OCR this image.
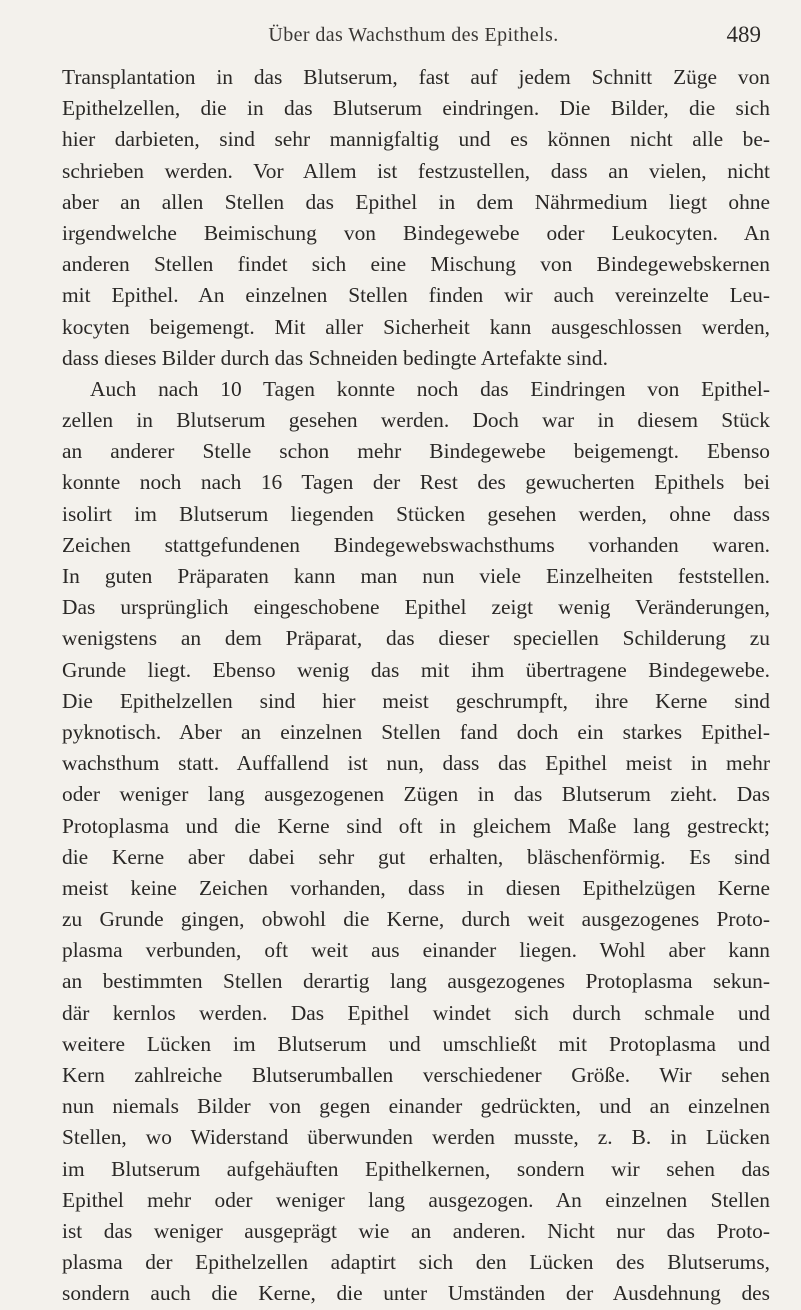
Über das Wachsthum des Epithels.	489
Transplantation in das Blutserum, fast auf jedem Schnitt Züge von
Epithelzellen, die in das Blutserum eindringen. Die Bilder, die sich
hier darbieten, sind sehr mannigfaltig und es können nicht alle be-
schrieben werden. Vor Allem ist festzustellen, dass an vielen, nicht
aber an allen Stellen das Epithel in dem Nährmedium liegt ohne
irgendwelche Beimischung von Bindegewebe oder Leukocyten. An
anderen Stellen findet sich eine Mischung von Bindegewebskernen
mit Epithel. An einzelnen Stellen finden wir auch vereinzelte Leu-
kocyten beigemengt. Mit aller Sicherheit kann ausgeschlossen werden,
dass dieses Bilder durch das Schneiden bedingte Artefakte sind.
Auch nach 10 Tagen konnte noch das Eindringen von Epithel-
zellen in Blutserum gesehen werden. Doch war in diesem Stück
an anderer Stelle schon mehr Bindegewebe beigemengt. Ebenso
konnte noch nach 16 Tagen der Rest des gewucherten Epithels bei
isolirt im Blutserum liegenden Stücken gesehen werden, ohne dass
Zeichen stattgefundenen Bindegewebswachsthums vorhanden waren.
In guten Präparaten kann man nun viele Einzelheiten feststellen.
Das ursprünglich eingeschobene Epithel zeigt wenig Veränderungen,
wenigstens an dem Präparat, das dieser speciellen Schilderung zu
Grunde liegt. Ebenso wenig das mit ihm übertragene Bindegewebe.
Die Epithelzellen sind hier meist geschrumpft, ihre Kerne sind
pyknotisch. Aber an einzelnen Stellen fand doch ein starkes Epithel-
wachsthum statt. Auffallend ist nun, dass das Epithel meist in mehr
oder weniger lang ausgezogenen Zügen in das Blutserum zieht. Das
Protoplasma und die Kerne sind oft in gleichem Maße lang gestreckt;
die Kerne aber dabei sehr gut erhalten, bläschenförmig. Es sind
meist keine Zeichen vorhanden, dass in diesen Epithelzügen Kerne
zu Grunde gingen, obwohl die Kerne, durch weit ausgezogenes Proto-
plasma verbunden, oft weit aus einander liegen. Wohl aber kann
an bestimmten Stellen derartig lang ausgezogenes Protoplasma sekun-
där kernlos werden. Das Epithel windet sich durch schmale und
weitere Lücken im Blutserum und umschließt mit Protoplasma und
Kern zahlreiche Blutserumballen verschiedener Größe. Wir sehen
nun niemals Bilder von gegen einander gedrückten, und an einzelnen
Stellen, wo Widerstand überwunden werden musste, z. B. in Lücken
im Blutserum aufgehäuften Epithelkernen, sondern wir sehen das
Epithel mehr oder weniger lang ausgezogen. An einzelnen Stellen
ist das weniger ausgeprägt wie an anderen. Nicht nur das Proto-
plasma der Epithelzellen adaptirt sich den Lücken des Blutserums,
sondern auch die Kerne, die unter Umständen der Ausdehnung des
